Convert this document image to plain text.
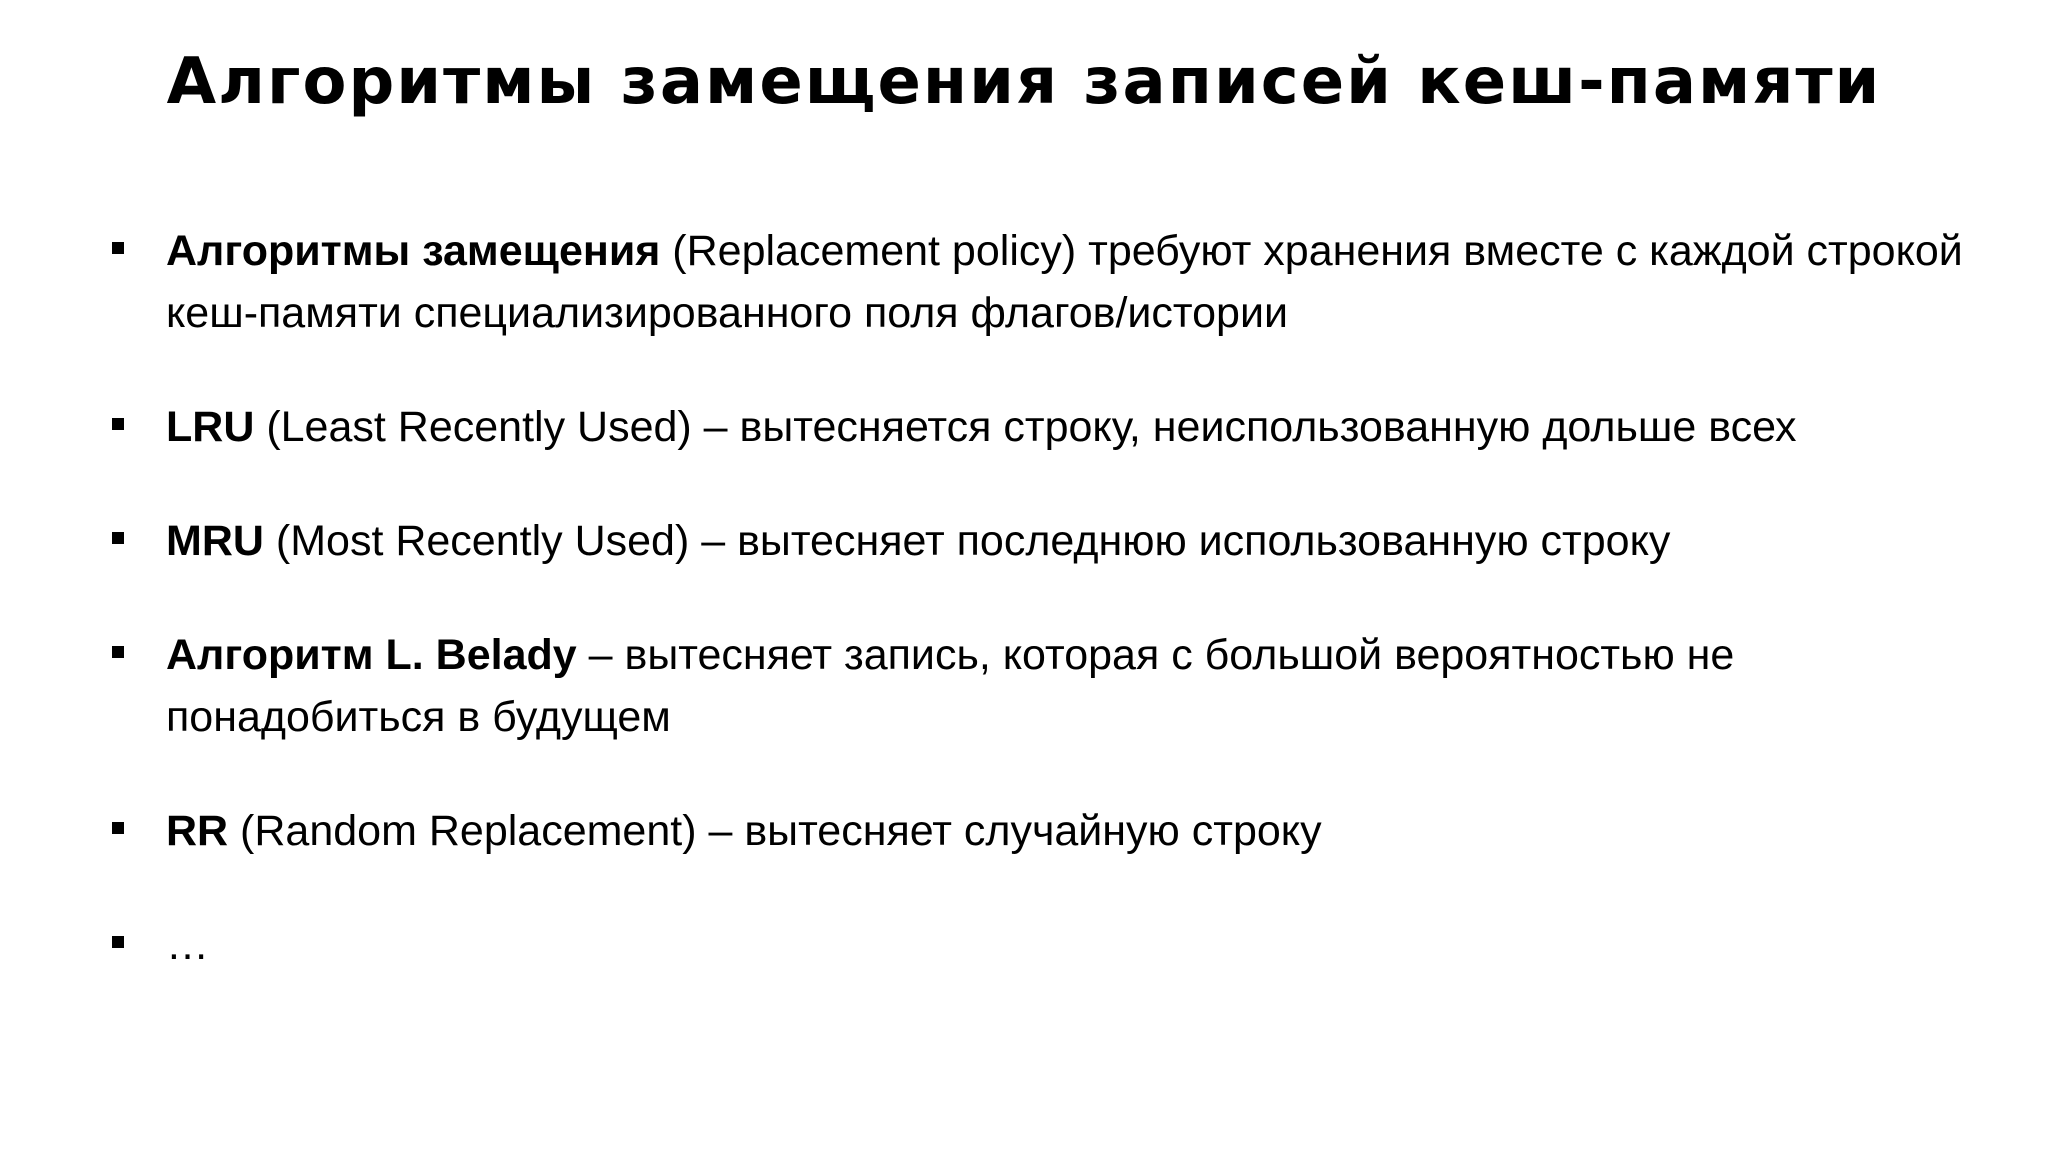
Алгоритмы замещения записей кеш-памяти
Алгоритмы замещения (Replacement policy) требуют хранения вместе с каждой строкой кеш-памяти специализированного поля флагов/истории
LRU (Least Recently Used) – вытесняется строку, неиспользованную дольше всех
MRU (Most Recently Used) – вытесняет последнюю использованную строку
Алгоритм L. Belady – вытесняет запись, которая с большой вероятностью не понадобиться в будущем
RR (Random Replacement) – вытесняет случайную строку
…
